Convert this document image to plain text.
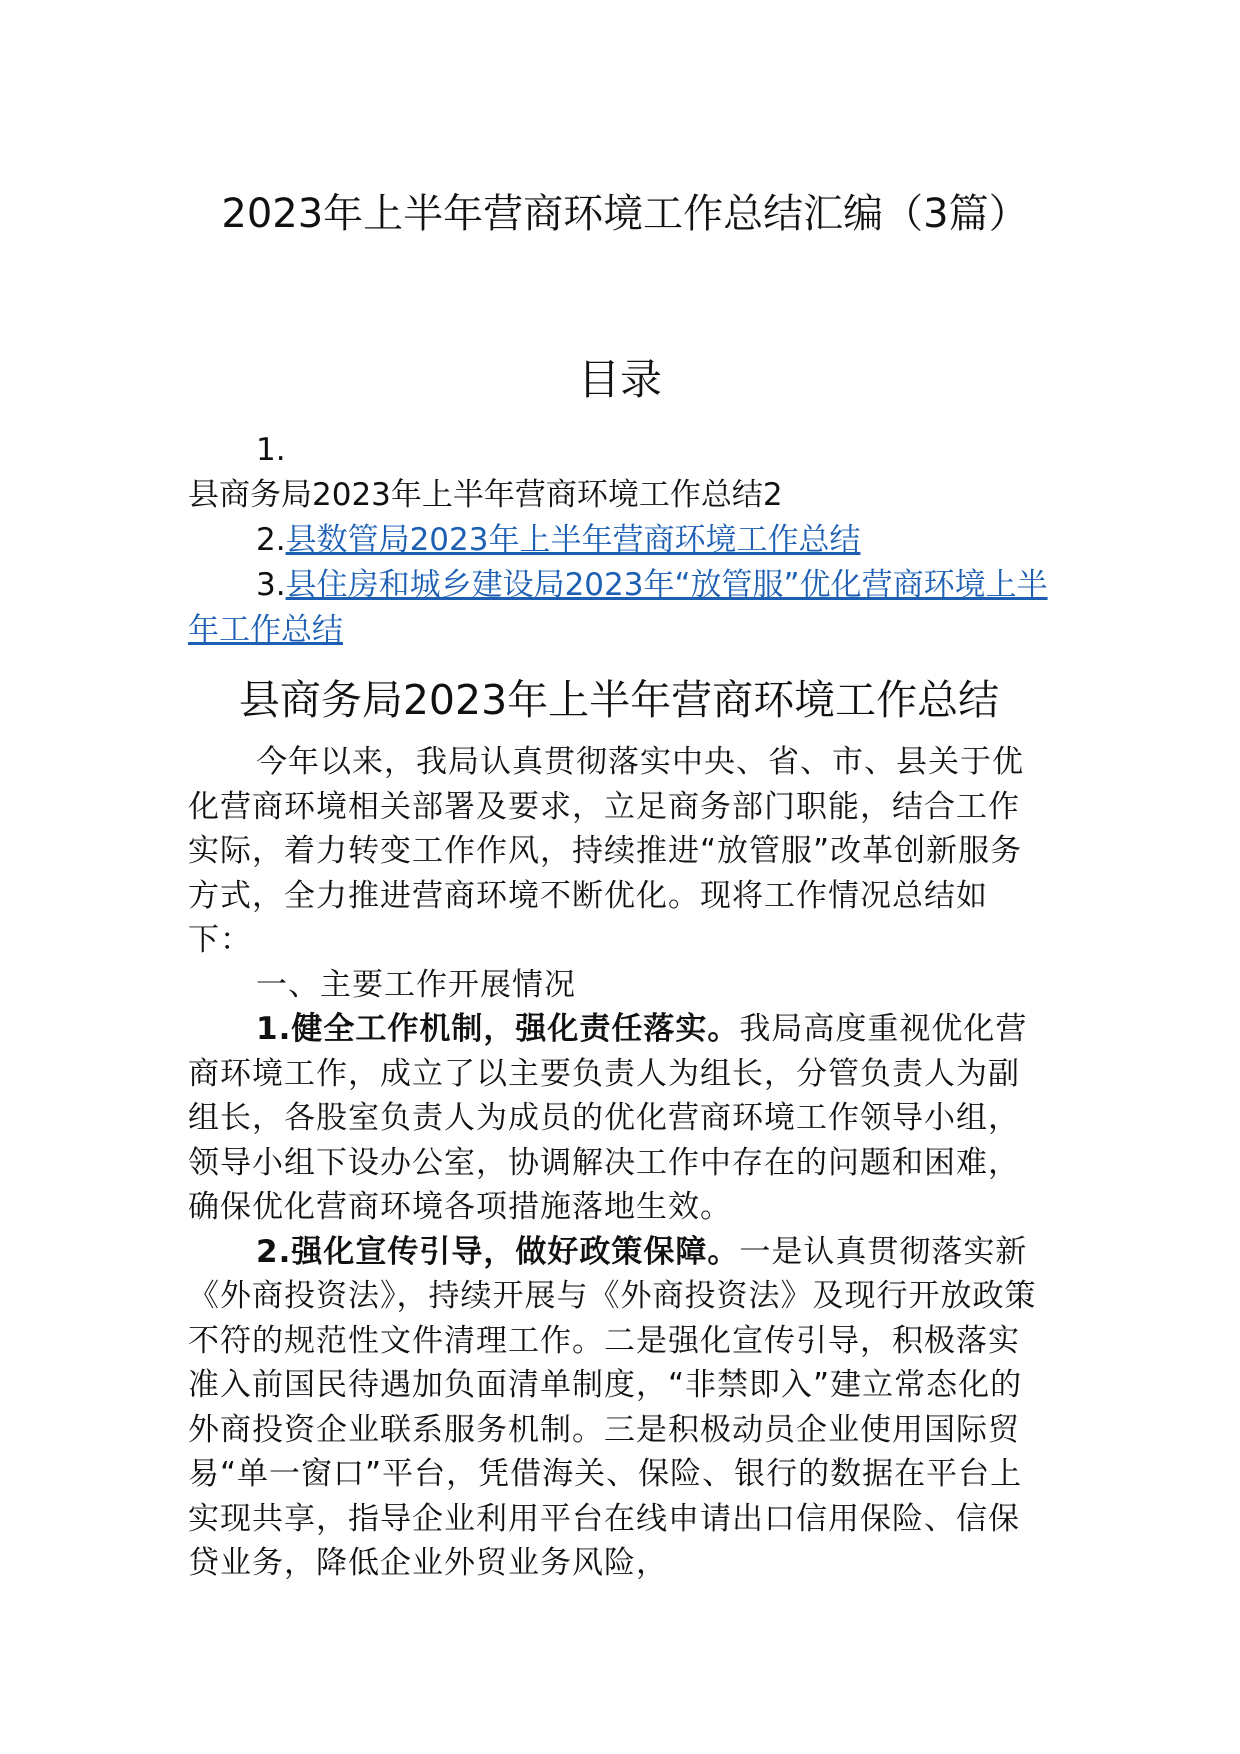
2023年上半年营商环境工作总结汇编（3篇）
目录

1.

县商务局2023年上半年营商环境工作总结2

2.县数管局2023年上半年营商环境工作总结

3.县住房和城乡建设局2023年“放管服”优化营商环境上半年工作总结

县商务局2023年上半年营商环境工作总结

今年以来，我局认真贯彻落实中央、省、市、县关于优化营商环境相关部署及要求，立足商务部门职能，结合工作实际，着力转变工作作风，持续推进“放管服”改革创新服务方式，全力推进营商环境不断优化。现将工作情况总结如下：

一、主要工作开展情况

1.健全工作机制，强化责任落实。我局高度重视优化营商环境工作，成立了以主要负责人为组长，分管负责人为副组长，各股室负责人为成员的优化营商环境工作领导小组，领导小组下设办公室，协调解决工作中存在的问题和困难，确保优化营商环境各项措施落地生效。

2.强化宣传引导，做好政策保障。一是认真贯彻落实新《外商投资法》，持续开展与《外商投资法》及现行开放政策不符的规范性文件清理工作。二是强化宣传引导，积极落实准入前国民待遇加负面清单制度，“非禁即入”建立常态化的外商投资企业联系服务机制。三是积极动员企业使用国际贸易“单一窗口”平台，凭借海关、保险、银行的数据在平台上实现共享，指导企业利用平台在线申请出口信用保险、信保贷业务，降低企业外贸业务风险，
